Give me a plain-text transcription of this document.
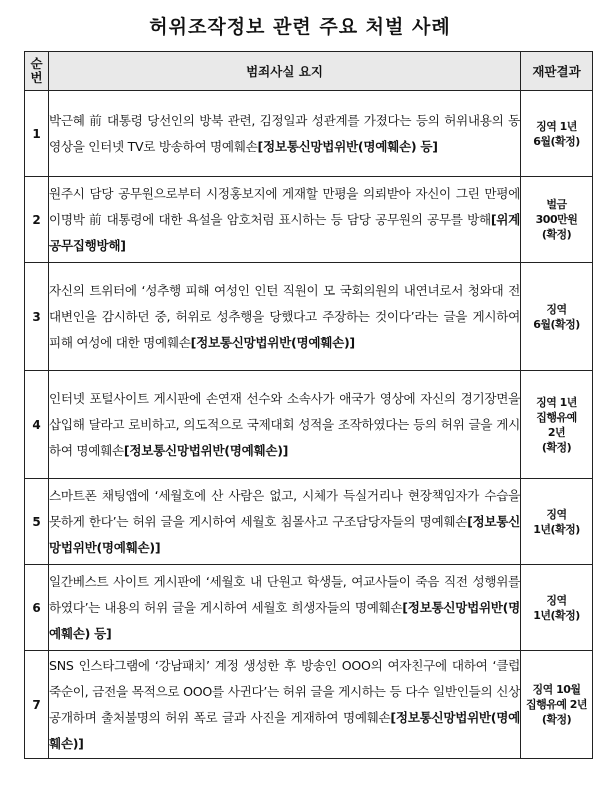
허위조작정보 관련 주요 처벌 사례
순
번	범죄사실 요지	재판결과
1	박근혜 前 대통령 당선인의 방북 관련, 김정일과 성관계를 가졌다는 등의 허위내용의 동영상을 인터넷 TV로 방송하여 명예훼손[정보통신망법위반(명예훼손) 등]	징역 1년
6월(확정)

2	원주시 담당 공무원으로부터 시정홍보지에 게재할 만평을 의뢰받아 자신이 그린 만평에 이명박 前 대통령에 대한 욕설을 암호처럼 표시하는 등 담당 공무원의 공무를 방해[위계공무집행방해]	벌금
300만원
(확정)

3	자신의 트위터에 ‘성추행 피해 여성인 인턴 직원이 모 국회의원의 내연녀로서 청와대 전 대변인을 감시하던 중, 허위로 성추행을 당했다고 주장하는 것이다’라는 글을 게시하여 피해 여성에 대한 명예훼손[정보통신망법위반(명예훼손)]	징역
6월(확정)

4	인터넷 포털사이트 게시판에 손연재 선수와 소속사가 애국가 영상에 자신의 경기장면을 삽입해 달라고 로비하고, 의도적으로 국제대회 성적을 조작하였다는 등의 허위 글을 게시하여 명예훼손[정보통신망법위반(명예훼손)]	징역 1년
집행유예
2년
(확정)

5	스마트폰 채팅앱에 ‘세월호에 산 사람은 없고, 시체가 득실거리나 현장책임자가 수습을 못하게 한다’는 허위 글을 게시하여 세월호 침몰사고 구조담당자들의 명예훼손[정보통신망법위반(명예훼손)]	징역
1년(확정)

6	일간베스트 사이트 게시판에 ‘세월호 내 단원고 학생들, 여교사들이 죽음 직전 성행위를 하였다’는 내용의 허위 글을 게시하여 세월호 희생자들의 명예훼손[정보통신망법위반(명예훼손) 등]	징역
1년(확정)

7	SNS 인스타그램에 ‘강남패치’ 계정 생성한 후 방송인 OOO의 여자친구에 대하여 ‘클럽 죽순이, 금전을 목적으로 OOO를 사귄다’는 허위 글을 게시하는 등 다수 일반인들의 신상 공개하며 출처불명의 허위 폭로 글과 사진을 게재하여 명예훼손[정보통신망법위반(명예훼손)]	징역 10월
집행유예 2년
(확정)
